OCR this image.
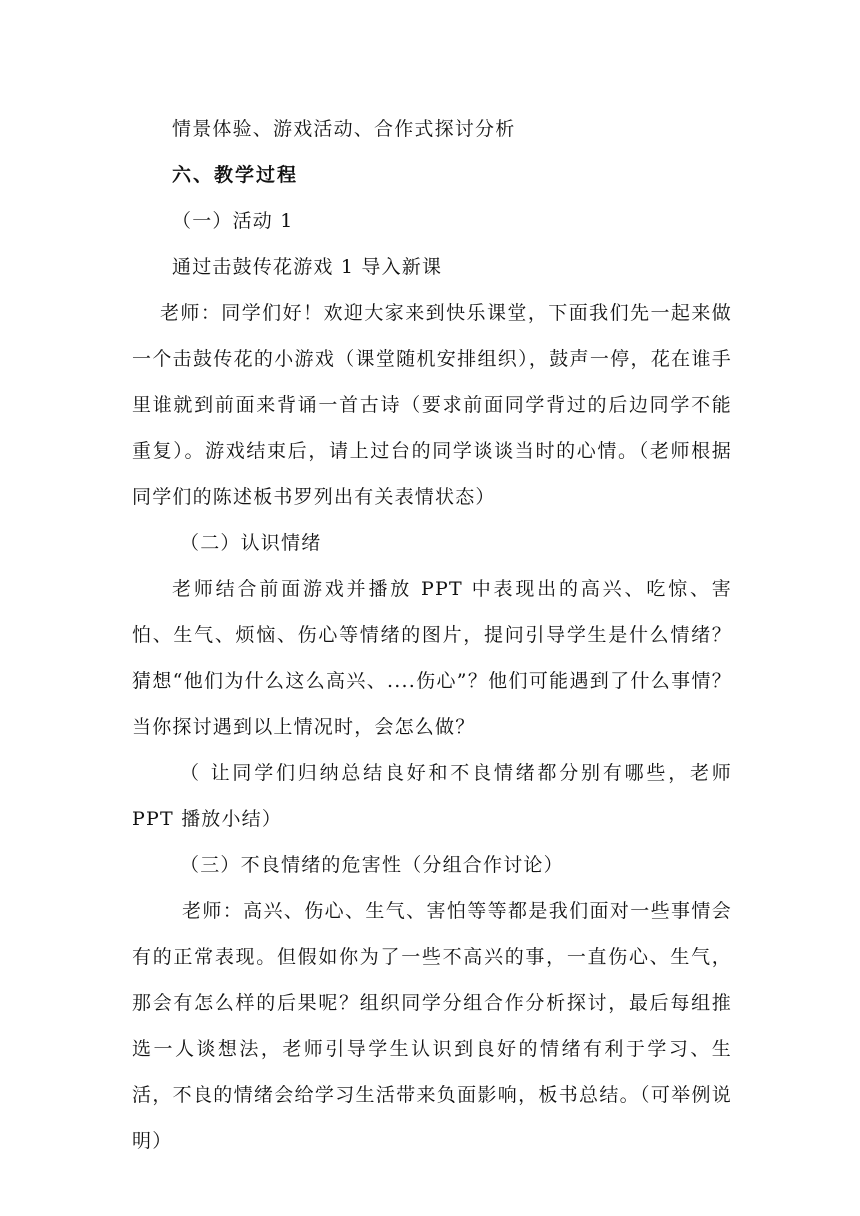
情景体验、游戏活动、合作式探讨分析

六、教学过程

（一）活动 1

通过击鼓传花游戏 1 导入新课

老师：同学们好！欢迎大家来到快乐课堂，下面我们先一起来做一个击鼓传花的小游戏（课堂随机安排组织），鼓声一停，花在谁手里谁就到前面来背诵一首古诗（要求前面同学背过的后边同学不能重复）。游戏结束后，请上过台的同学谈谈当时的心情。（老师根据同学们的陈述板书罗列出有关表情状态）

（二）认识情绪

老师结合前面游戏并播放 PPT 中表现出的高兴、吃惊、害怕、生气、烦恼、伤心等情绪的图片，提问引导学生是什么情绪？猜想“他们为什么这么高兴、....伤心”？他们可能遇到了什么事情？当你探讨遇到以上情况时，会怎么做？

（ 让同学们归纳总结良好和不良情绪都分别有哪些，老师 PPT 播放小结）

（三）不良情绪的危害性（分组合作讨论）

老师：高兴、伤心、生气、害怕等等都是我们面对一些事情会有的正常表现。但假如你为了一些不高兴的事，一直伤心、生气，那会有怎么样的后果呢？组织同学分组合作分析探讨，最后每组推选一人谈想法，老师引导学生认识到良好的情绪有利于学习、生活，不良的情绪会给学习生活带来负面影响，板书总结。（可举例说明）
